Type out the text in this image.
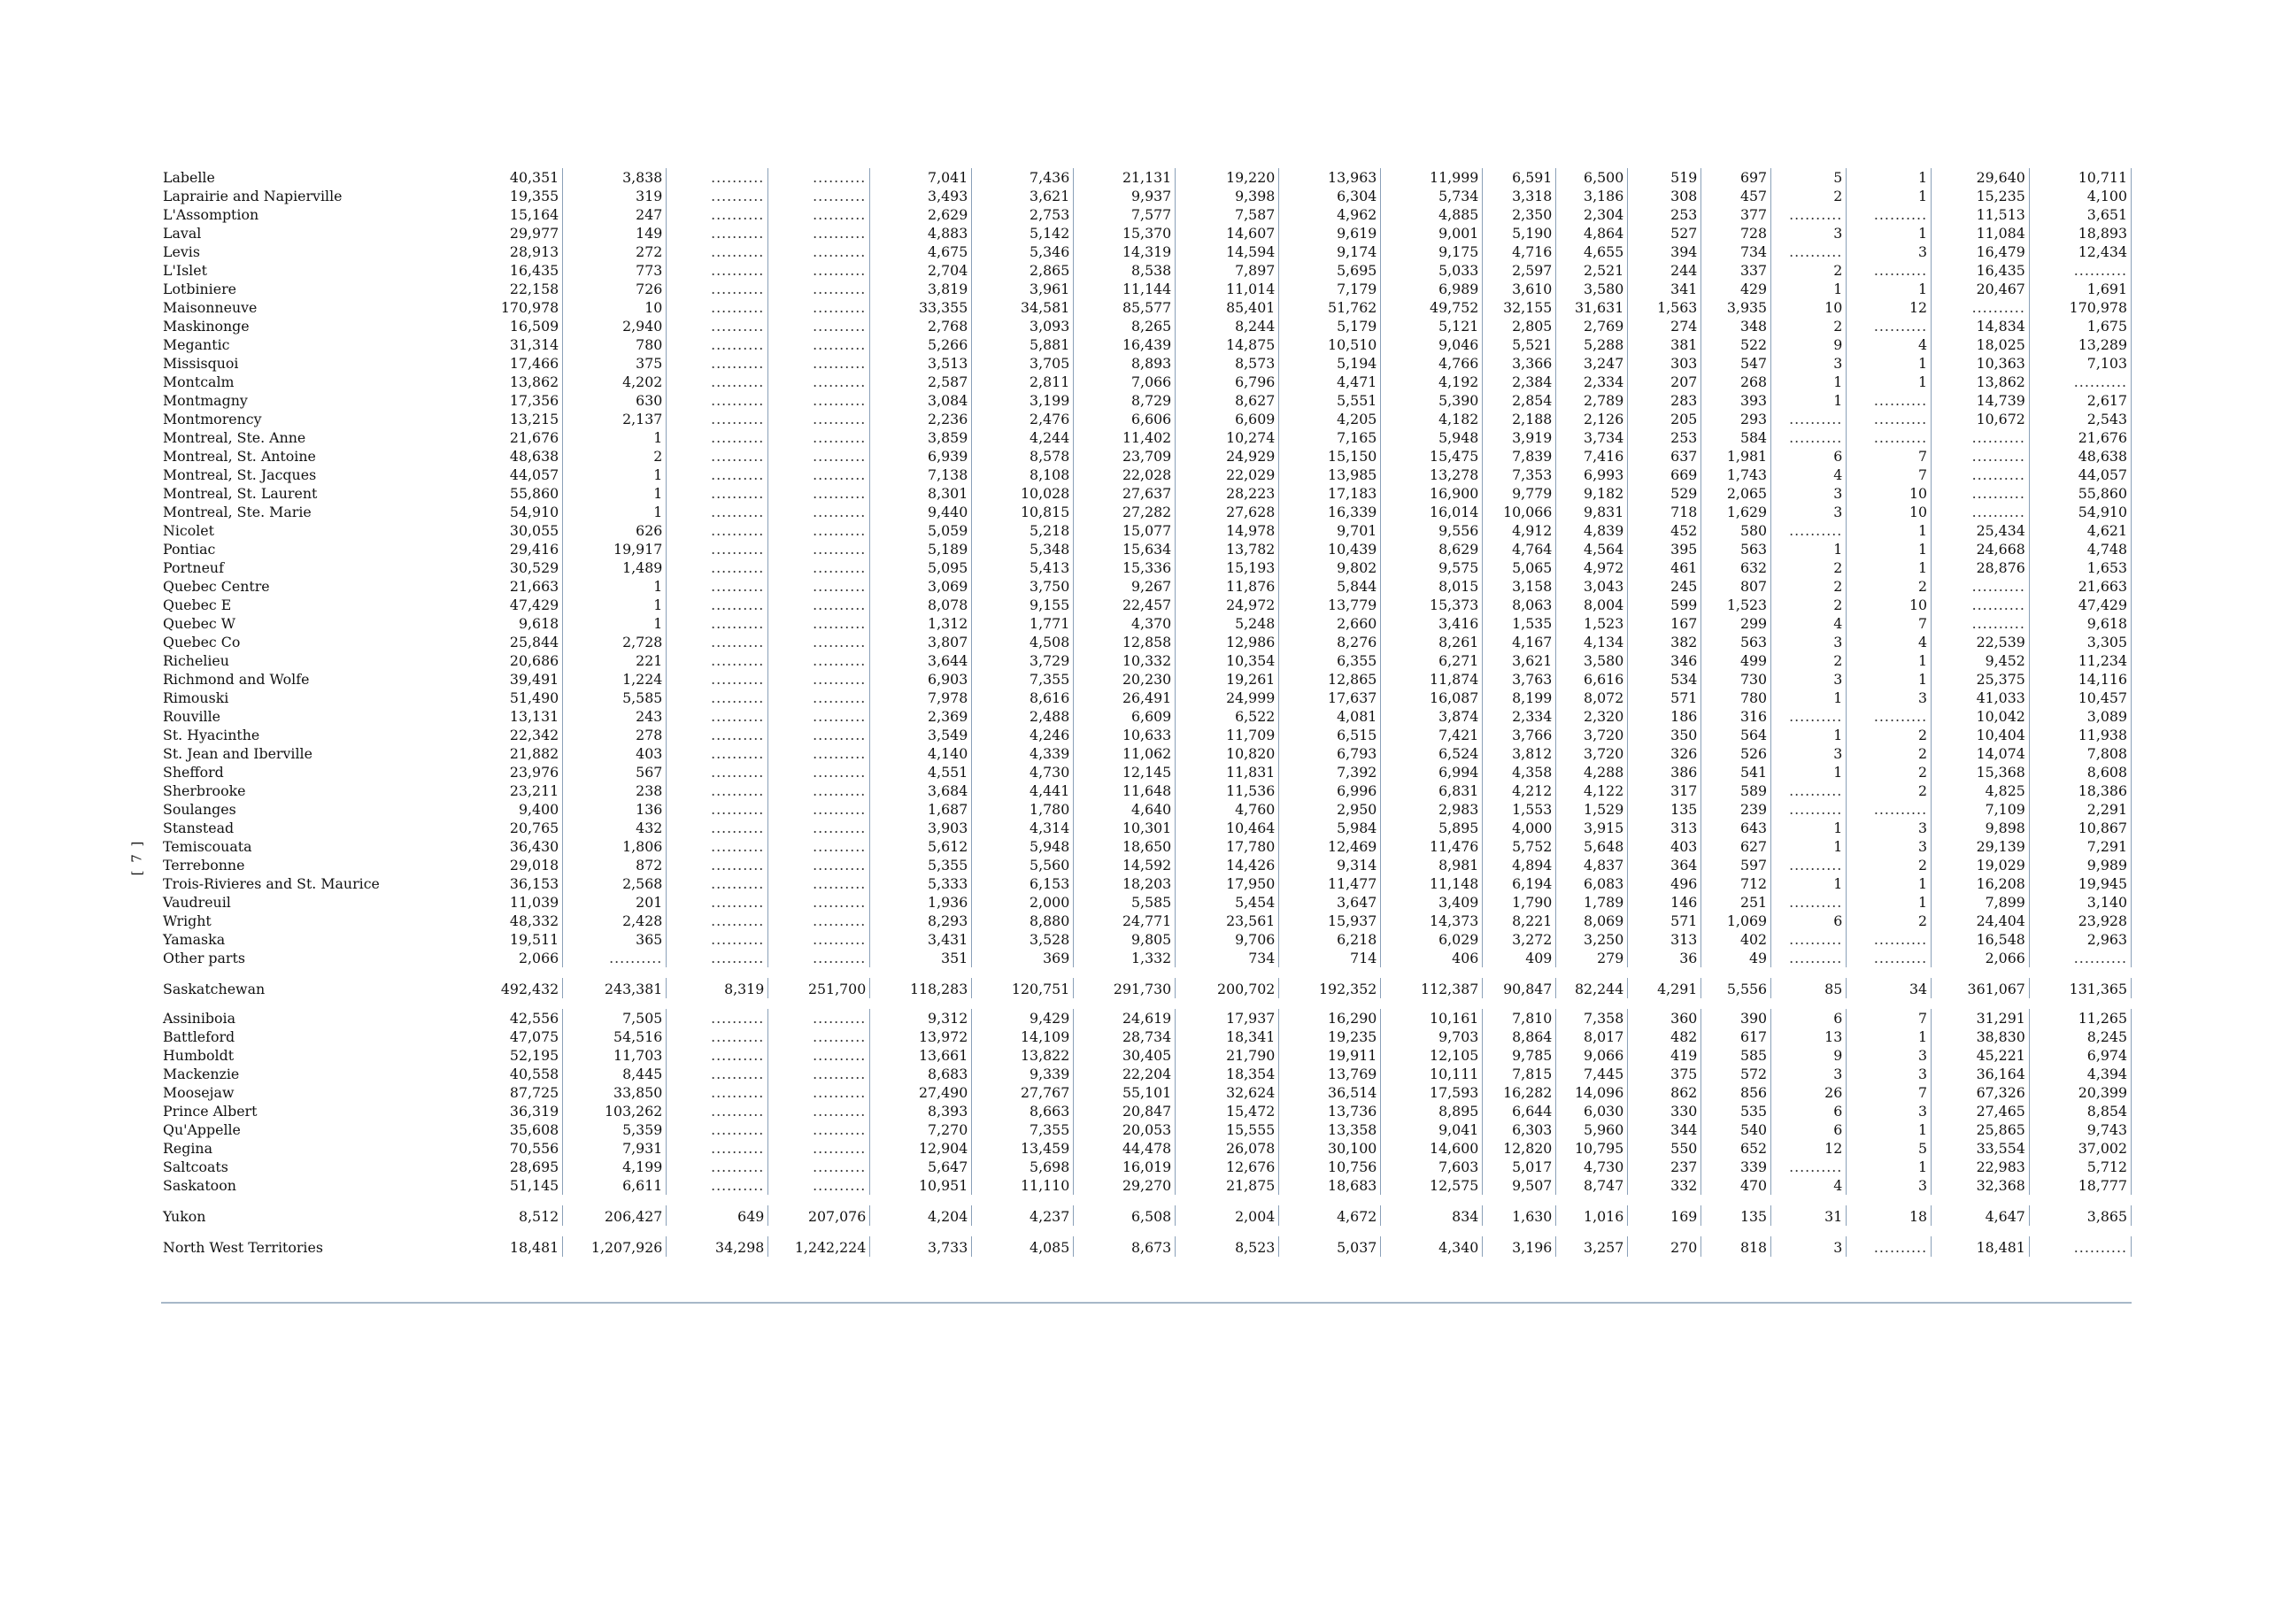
[ 7 ]
Labelle	40,351	3,838	..........	..........	7,041	7,436	21,131	19,220	13,963	11,999	6,591	6,500	519	697	5	1	29,640	10,711
Laprairie and Napierville	19,355	319	..........	..........	3,493	3,621	9,937	9,398	6,304	5,734	3,318	3,186	308	457	2	1	15,235	4,100
L'Assomption	15,164	247	..........	..........	2,629	2,753	7,577	7,587	4,962	4,885	2,350	2,304	253	377	..........	..........	11,513	3,651
Laval	29,977	149	..........	..........	4,883	5,142	15,370	14,607	9,619	9,001	5,190	4,864	527	728	3	1	11,084	18,893
Levis	28,913	272	..........	..........	4,675	5,346	14,319	14,594	9,174	9,175	4,716	4,655	394	734	..........	3	16,479	12,434
L'Islet	16,435	773	..........	..........	2,704	2,865	8,538	7,897	5,695	5,033	2,597	2,521	244	337	2	..........	16,435	..........
Lotbiniere	22,158	726	..........	..........	3,819	3,961	11,144	11,014	7,179	6,989	3,610	3,580	341	429	1	1	20,467	1,691
Maisonneuve	170,978	10	..........	..........	33,355	34,581	85,577	85,401	51,762	49,752	32,155	31,631	1,563	3,935	10	12	..........	170,978
Maskinonge	16,509	2,940	..........	..........	2,768	3,093	8,265	8,244	5,179	5,121	2,805	2,769	274	348	2	..........	14,834	1,675
Megantic	31,314	780	..........	..........	5,266	5,881	16,439	14,875	10,510	9,046	5,521	5,288	381	522	9	4	18,025	13,289
Missisquoi	17,466	375	..........	..........	3,513	3,705	8,893	8,573	5,194	4,766	3,366	3,247	303	547	3	1	10,363	7,103
Montcalm	13,862	4,202	..........	..........	2,587	2,811	7,066	6,796	4,471	4,192	2,384	2,334	207	268	1	1	13,862	..........
Montmagny	17,356	630	..........	..........	3,084	3,199	8,729	8,627	5,551	5,390	2,854	2,789	283	393	1	..........	14,739	2,617
Montmorency	13,215	2,137	..........	..........	2,236	2,476	6,606	6,609	4,205	4,182	2,188	2,126	205	293	..........	..........	10,672	2,543
Montreal, Ste. Anne	21,676	1	..........	..........	3,859	4,244	11,402	10,274	7,165	5,948	3,919	3,734	253	584	..........	..........	..........	21,676
Montreal, St. Antoine	48,638	2	..........	..........	6,939	8,578	23,709	24,929	15,150	15,475	7,839	7,416	637	1,981	6	7	..........	48,638
Montreal, St. Jacques	44,057	1	..........	..........	7,138	8,108	22,028	22,029	13,985	13,278	7,353	6,993	669	1,743	4	7	..........	44,057
Montreal, St. Laurent	55,860	1	..........	..........	8,301	10,028	27,637	28,223	17,183	16,900	9,779	9,182	529	2,065	3	10	..........	55,860
Montreal, Ste. Marie	54,910	1	..........	..........	9,440	10,815	27,282	27,628	16,339	16,014	10,066	9,831	718	1,629	3	10	..........	54,910
Nicolet	30,055	626	..........	..........	5,059	5,218	15,077	14,978	9,701	9,556	4,912	4,839	452	580	..........	1	25,434	4,621
Pontiac	29,416	19,917	..........	..........	5,189	5,348	15,634	13,782	10,439	8,629	4,764	4,564	395	563	1	1	24,668	4,748
Portneuf	30,529	1,489	..........	..........	5,095	5,413	15,336	15,193	9,802	9,575	5,065	4,972	461	632	2	1	28,876	1,653
Quebec Centre	21,663	1	..........	..........	3,069	3,750	9,267	11,876	5,844	8,015	3,158	3,043	245	807	2	2	..........	21,663
Quebec E	47,429	1	..........	..........	8,078	9,155	22,457	24,972	13,779	15,373	8,063	8,004	599	1,523	2	10	..........	47,429
Quebec W	9,618	1	..........	..........	1,312	1,771	4,370	5,248	2,660	3,416	1,535	1,523	167	299	4	7	..........	9,618
Quebec Co	25,844	2,728	..........	..........	3,807	4,508	12,858	12,986	8,276	8,261	4,167	4,134	382	563	3	4	22,539	3,305
Richelieu	20,686	221	..........	..........	3,644	3,729	10,332	10,354	6,355	6,271	3,621	3,580	346	499	2	1	9,452	11,234
Richmond and Wolfe	39,491	1,224	..........	..........	6,903	7,355	20,230	19,261	12,865	11,874	3,763	6,616	534	730	3	1	25,375	14,116
Rimouski	51,490	5,585	..........	..........	7,978	8,616	26,491	24,999	17,637	16,087	8,199	8,072	571	780	1	3	41,033	10,457
Rouville	13,131	243	..........	..........	2,369	2,488	6,609	6,522	4,081	3,874	2,334	2,320	186	316	..........	..........	10,042	3,089
St. Hyacinthe	22,342	278	..........	..........	3,549	4,246	10,633	11,709	6,515	7,421	3,766	3,720	350	564	1	2	10,404	11,938
St. Jean and Iberville	21,882	403	..........	..........	4,140	4,339	11,062	10,820	6,793	6,524	3,812	3,720	326	526	3	2	14,074	7,808
Shefford	23,976	567	..........	..........	4,551	4,730	12,145	11,831	7,392	6,994	4,358	4,288	386	541	1	2	15,368	8,608
Sherbrooke	23,211	238	..........	..........	3,684	4,441	11,648	11,536	6,996	6,831	4,212	4,122	317	589	..........	2	4,825	18,386
Soulanges	9,400	136	..........	..........	1,687	1,780	4,640	4,760	2,950	2,983	1,553	1,529	135	239	..........	..........	7,109	2,291
Stanstead	20,765	432	..........	..........	3,903	4,314	10,301	10,464	5,984	5,895	4,000	3,915	313	643	1	3	9,898	10,867
Temiscouata	36,430	1,806	..........	..........	5,612	5,948	18,650	17,780	12,469	11,476	5,752	5,648	403	627	1	3	29,139	7,291
Terrebonne	29,018	872	..........	..........	5,355	5,560	14,592	14,426	9,314	8,981	4,894	4,837	364	597	..........	2	19,029	9,989
Trois-Rivieres and St. Maurice	36,153	2,568	..........	..........	5,333	6,153	18,203	17,950	11,477	11,148	6,194	6,083	496	712	1	1	16,208	19,945
Vaudreuil	11,039	201	..........	..........	1,936	2,000	5,585	5,454	3,647	3,409	1,790	1,789	146	251	..........	1	7,899	3,140
Wright	48,332	2,428	..........	..........	8,293	8,880	24,771	23,561	15,937	14,373	8,221	8,069	571	1,069	6	2	24,404	23,928
Yamaska	19,511	365	..........	..........	3,431	3,528	9,805	9,706	6,218	6,029	3,272	3,250	313	402	..........	..........	16,548	2,963
Other parts	2,066	..........	..........	..........	351	369	1,332	734	714	406	409	279	36	49	..........	..........	2,066	..........

Saskatchewan	492,432	243,381	8,319	251,700	118,283	120,751	291,730	200,702	192,352	112,387	90,847	82,244	4,291	5,556	85	34	361,067	131,365

Assiniboia	42,556	7,505	..........	..........	9,312	9,429	24,619	17,937	16,290	10,161	7,810	7,358	360	390	6	7	31,291	11,265
Battleford	47,075	54,516	..........	..........	13,972	14,109	28,734	18,341	19,235	9,703	8,864	8,017	482	617	13	1	38,830	8,245
Humboldt	52,195	11,703	..........	..........	13,661	13,822	30,405	21,790	19,911	12,105	9,785	9,066	419	585	9	3	45,221	6,974
Mackenzie	40,558	8,445	..........	..........	8,683	9,339	22,204	18,354	13,769	10,111	7,815	7,445	375	572	3	3	36,164	4,394
Moosejaw	87,725	33,850	..........	..........	27,490	27,767	55,101	32,624	36,514	17,593	16,282	14,096	862	856	26	7	67,326	20,399
Prince Albert	36,319	103,262	..........	..........	8,393	8,663	20,847	15,472	13,736	8,895	6,644	6,030	330	535	6	3	27,465	8,854
Qu'Appelle	35,608	5,359	..........	..........	7,270	7,355	20,053	15,555	13,358	9,041	6,303	5,960	344	540	6	1	25,865	9,743
Regina	70,556	7,931	..........	..........	12,904	13,459	44,478	26,078	30,100	14,600	12,820	10,795	550	652	12	5	33,554	37,002
Saltcoats	28,695	4,199	..........	..........	5,647	5,698	16,019	12,676	10,756	7,603	5,017	4,730	237	339	..........	1	22,983	5,712
Saskatoon	51,145	6,611	..........	..........	10,951	11,110	29,270	21,875	18,683	12,575	9,507	8,747	332	470	4	3	32,368	18,777

Yukon	8,512	206,427	649	207,076	4,204	4,237	6,508	2,004	4,672	834	1,630	1,016	169	135	31	18	4,647	3,865

North West Territories	18,481	1,207,926	34,298	1,242,224	3,733	4,085	8,673	8,523	5,037	4,340	3,196	3,257	270	818	3	..........	18,481	..........
